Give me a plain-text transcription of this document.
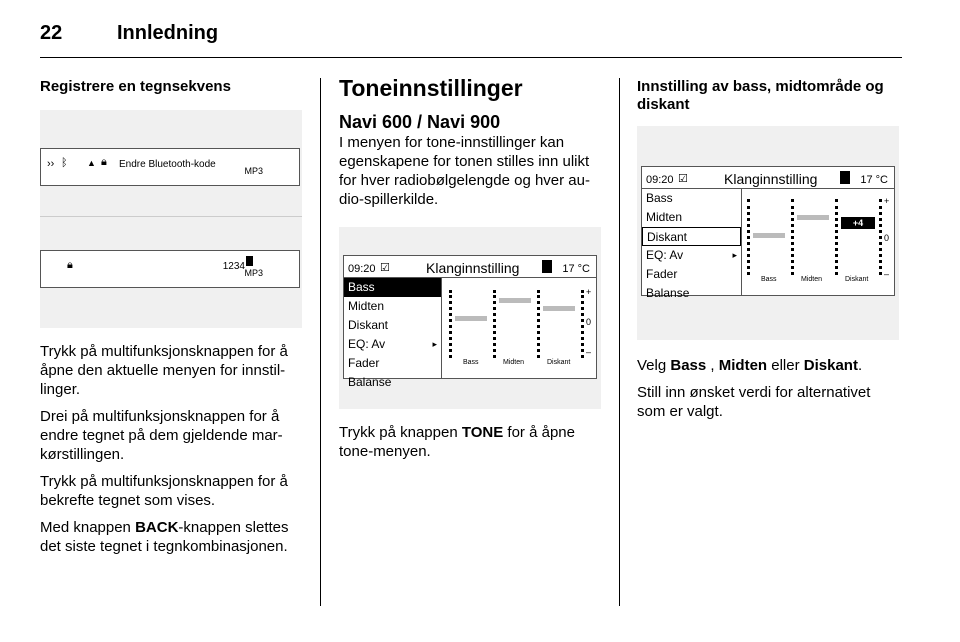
22	Innledning
Registrere en tegnsekvens
›› ᛒ ▲ 🔒︎ Endre Bluetooth-kode
MP3
🔒︎	1234
MP3

Trykk på multifunksjonsknappen for å åpne den aktuelle menyen for innstil-linger.

Drei på multifunksjonsknappen for å endre tegnet på dem gjeldende mar-kørstillingen.

Trykk på multifunksjonsknappen for å bekrefte tegnet som vises.

Med knappen BACK-knappen slettes det siste tegnet i tegnkombinasjonen.

Toneinnstillinger
Navi 600 / Navi 900

I menyen for tone-innstillinger kan egenskapene for tonen stilles inn ulikt for hver radiobølgelengde og hver au-dio-spillerkilde.

09:20 ☑	Klanginnstilling	17 °C
Bass
Midten
Diskant
EQ: Av	▸
Fader
Balanse
+
0
–
Bass	Midten	Diskant

Trykk på knappen TONE for å åpne tone-menyen.

Innstilling av bass, midtområde og diskant
09:20 ☑	Klanginnstilling	17 °C
Bass
Midten
Diskant
EQ: Av	▸
Fader
Balanse
+4
+
0
–
Bass	Midten	Diskant

Velg Bass , Midten eller Diskant.

Still inn ønsket verdi for alternativet som er valgt.
